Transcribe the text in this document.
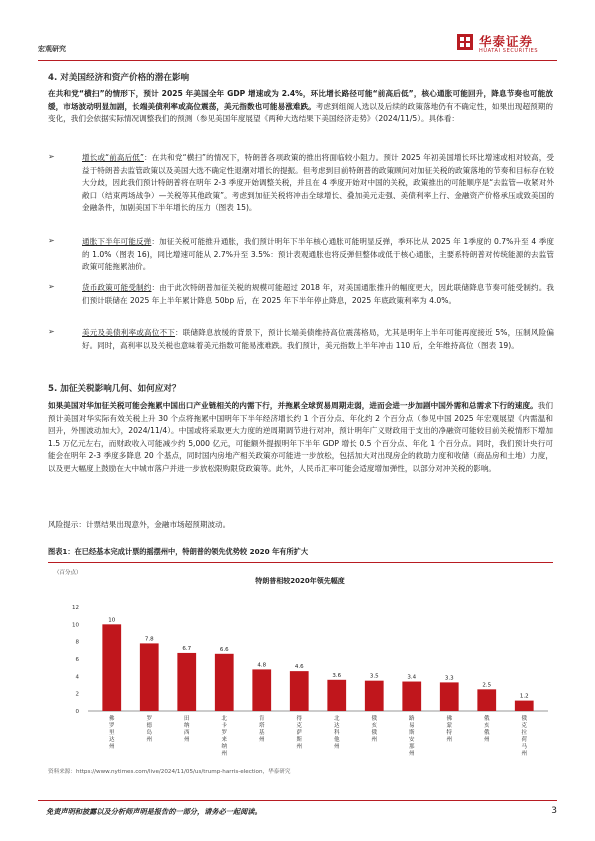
宏观研究	华泰证券
HUATAI SECURITIES
4. 对美国经济和资产价格的潜在影响
在共和党“横扫”的情形下，预计 2025 年美国全年 GDP 增速或为 2.4%，环比增长路径可能“前高后低”，核心通胀可能回升，降息节奏也可能放缓，市场波动明显加剧，长端美债利率或高位震荡，美元指数也可能易涨难跌。考虑到组阁人选以及后续的政策落地仍有不确定性，如果出现超预期的变化，我们会依据实际情况调整我们的预测（参见美国年度展望《两种大选结果下美国经济走势》（2024/11/5）。具体看：
➢	增长或“前高后低”：在共和党“横扫”的情况下，特朗普各项政策的推出将面临较小阻力。预计 2025 年初美国增长环比增速或相对较高，受益于特朗普去监管政策以及美国大选不确定性退潮对增长的提振。但考虑到目前特朗普的政策顾问对加征关税的政策落地的节奏和目标存在较大分歧，因此我们预计特朗普将在明年 2-3 季度开始调整关税，并且在 4 季度开始对中国的关税，政策推出的可能顺序是“去监管—收紧对外敞口（结束两场战争）—关税等其他政策”。考虑到加征关税将冲击全球增长、叠加美元走强、美债利率上行、金融资产价格承压或致美国的金融条件，加剧美国下半年增长的压力（图表 15)。
➢	通胀下半年可能反弹：加征关税可能推升通胀，我们预计明年下半年核心通胀可能明显反弹，季环比从 2025 年 1季度的 0.7%升至 4 季度的 1.0%（图表 16)，同比增速可能从 2.7%升至 3.5%：预计表观通胀也将反弹但整体或低于核心通胀，主要系特朗普对传统能源的去监管政策可能拖累油价。
➢	货币政策可能受制约：由于此次特朗普加征关税的规模可能超过 2018 年，对美国通胀推升的幅度更大，因此联储降息节奏可能受制约。我们预计联储在 2025 年上半年累计降息 50bp 后，在 2025 年下半年停止降息，2025 年底政策利率为 4.0%。
➢	美元及美债利率或高位不下：联储降息放缓的背景下，预计长端美债维持高位震荡格局，尤其是明年上半年可能再度接近 5%，压制风险偏好。同时，高利率以及关税也意味着美元指数可能易涨难跌。我们预计，美元指数上半年冲击 110 后，全年维持高位（图表 19)。
5. 加征关税影响几何、如何应对？
如果美国对华加征关税可能会拖累中国出口产业链相关的内需下行，并拖累全球贸易周期走弱，进而会进一步加剧中国外需和总需求下行的速度。我们预计美国对华实际有效关税上升 30 个点将拖累中国明年下半年经济增长约 1 个百分点、年化约 2 个百分点（参见中国 2025 年宏观展望《内需温和回升，外围波动加大》，2024/11/4）。中国或将采取更大力度的逆周期调节进行对冲，预计明年广义财政用于支出的净融资可能较目前关税情形下增加 1.5 万亿元左右，而财政收入可能减少约 5,000 亿元，可能额外提振明年下半年 GDP 增长 0.5 个百分点、年化 1 个百分点。同时，我们预计央行可能会在明年 2-3 季度多降息 20 个基点，同时国内房地产相关政策亦可能进一步放松，包括加大对出现房企的救助力度和收储（商品房和土地）力度，以及更大幅度上鼓励在大中城市落户并进一步放松限购限贷政策等。此外，人民币汇率可能会适度增加弹性，以部分对冲关税的影响。
风险提示：计票结果出现意外，金融市场超预期波动。
图表1：在已经基本完成计票的摇摆州中，特朗普的领先优势较 2020 年有所扩大
（百分点）
特朗普相较2020年领先幅度
0
2
4
6
8
10
12
10
7.8
6.7	6.6
4.8	4.6
3.6	3.5	3.4	3.3
2.5
1.2
佛
罗
里
达
州
罗
德
岛
州
田
纳
西
州
北
卡
罗
来
纳
州
肯
塔
基
州
得
克
萨
斯
州
北
达
科
他
州
俄
亥
俄
州
路
易
斯
安
那
州
佛
蒙
特
州
俄
亥
俄
州
俄
克
拉
荷
马
州
资料来源：https://www.nytimes.com/live/2024/11/05/us/trump-harris-election，华泰研究
免责声明和披露以及分析师声明是报告的一部分，请务必一起阅读。	3
